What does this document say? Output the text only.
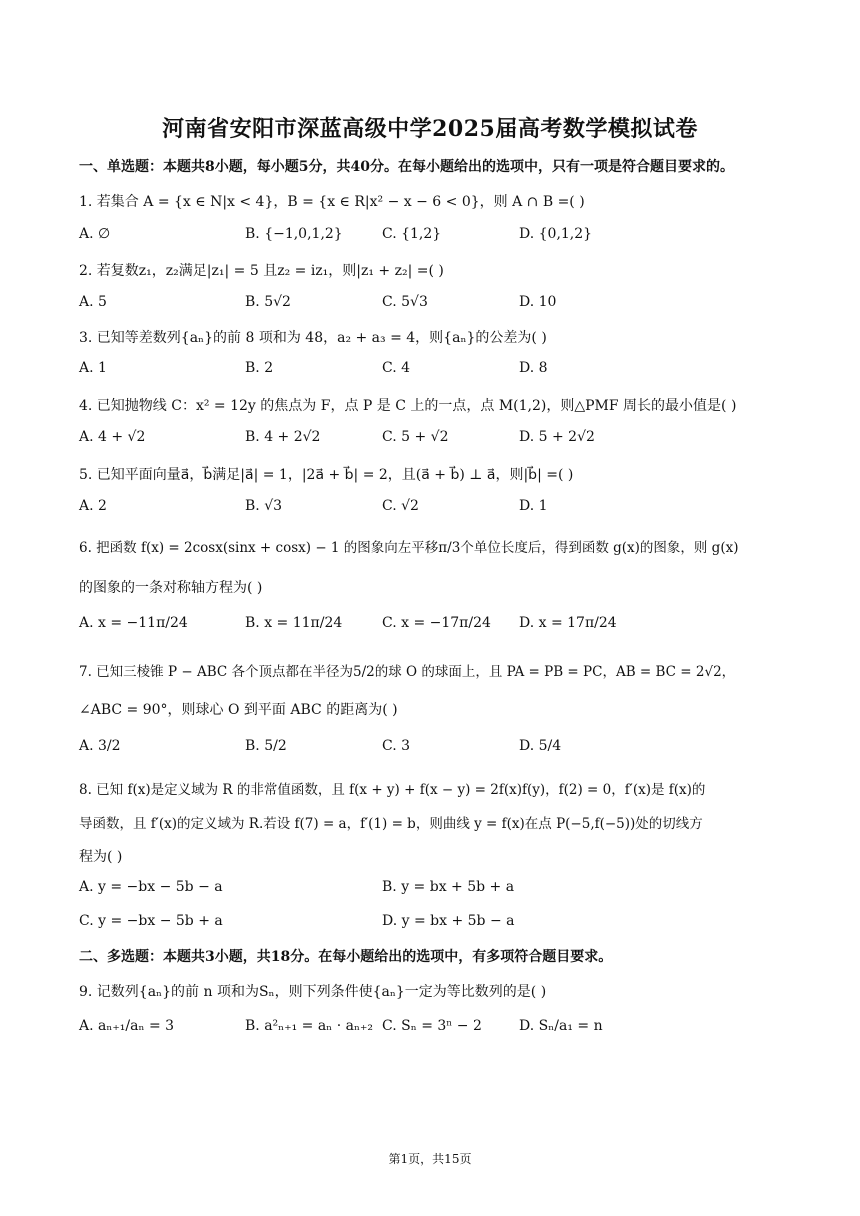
河南省安阳市深蓝高级中学2025届高考数学模拟试卷
一、单选题：本题共8小题，每小题5分，共40分。在每小题给出的选项中，只有一项是符合题目要求的。
1. 若集合 A = {x ∈ N|x < 4}，B = {x ∈ R|x² − x − 6 < 0}，则 A ∩ B =( )
A. ∅	B. {−1,0,1,2}	C. {1,2}	D. {0,1,2}
2. 若复数z₁，z₂满足|z₁| = 5 且z₂ = iz₁，则|z₁ + z₂| =( )
A. 5	B. 5√2	C. 5√3	D. 10
3. 已知等差数列{aₙ}的前 8 项和为 48，a₂ + a₃ = 4，则{aₙ}的公差为( )
A. 1	B. 2	C. 4	D. 8
4. 已知抛物线 C：x² = 12y 的焦点为 F，点 P 是 C 上的一点，点 M(1,2)，则△PMF 周长的最小值是( )
A. 4 + √2	B. 4 + 2√2	C. 5 + √2	D. 5 + 2√2
5. 已知平面向量a⃗，b⃗满足|a⃗| = 1，|2a⃗ + b⃗| = 2，且(a⃗ + b⃗) ⊥ a⃗，则|b⃗| =( )
A. 2	B. √3	C. √2	D. 1
6. 把函数 f(x) = 2cosx(sinx + cosx) − 1 的图象向左平移π/3个单位长度后，得到函数 g(x)的图象，则 g(x)
的图象的一条对称轴方程为( )
A. x = −11π/24	B. x = 11π/24	C. x = −17π/24 D. x = 17π/24
7. 已知三棱锥 P − ABC 各个顶点都在半径为5/2的球 O 的球面上，且 PA = PB = PC，AB = BC = 2√2，
∠ABC = 90°，则球心 O 到平面 ABC 的距离为( )
A. 3/2	B. 5/2	C. 3	D. 5/4
8. 已知 f(x)是定义域为 R 的非常值函数，且 f(x + y) + f(x − y) = 2f(x)f(y)，f(2) = 0，f′(x)是 f(x)的
导函数，且 f′(x)的定义域为 R.若设 f(7) = a，f′(1) = b，则曲线 y = f(x)在点 P(−5,f(−5))处的切线方
程为( )
A. y = −bx − 5b − a	B. y = bx + 5b + a
C. y = −bx − 5b + a	D. y = bx + 5b − a
二、多选题：本题共3小题，共18分。在每小题给出的选项中，有多项符合题目要求。
9. 记数列{aₙ}的前 n 项和为Sₙ，则下列条件使{aₙ}一定为等比数列的是( )
A. aₙ₊₁/aₙ = 3	B. a²ₙ₊₁ = aₙ · aₙ₊₂ C. Sₙ = 3ⁿ − 2	D. Sₙ/a₁ = n
第1页，共15页
